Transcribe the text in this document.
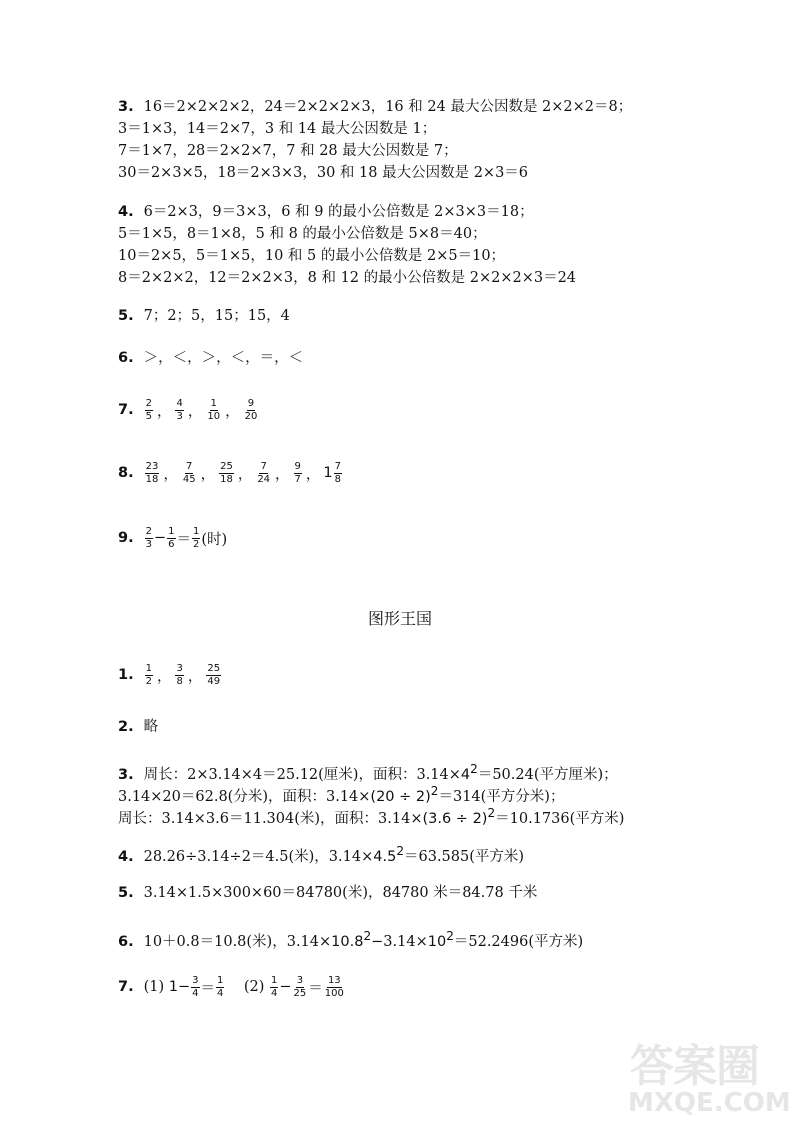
3. 16＝2×2×2×2，24＝2×2×2×3，16 和 24 最大公因数是 2×2×2＝8；
3＝1×3，14＝2×7，3 和 14 最大公因数是 1；
7＝1×7，28＝2×2×7，7 和 28 最大公因数是 7；
30＝2×3×5，18＝2×3×3，30 和 18 最大公因数是 2×3＝6
4. 6＝2×3，9＝3×3，6 和 9 的最小公倍数是 2×3×3＝18；
5＝1×5，8＝1×8，5 和 8 的最小公倍数是 5×8＝40；
10＝2×5，5＝1×5，10 和 5 的最小公倍数是 2×5＝10；
8＝2×2×2，12＝2×2×3，8 和 12 的最小公倍数是 2×2×2×3＝24
5. 7；2；5，15；15，4
6. ＞，＜，＞，＜，＝，＜
7. $\frac{2}{5}$ ， $\frac{4}{3}$ ， $\frac{1}{10}$ ， $\frac{9}{20}$
8. $\frac{23}{18}$ ， $\frac{7}{45}$ ， $\frac{25}{18}$ ， $\frac{7}{24}$ ， $\frac{9}{7}$ ， $1 \frac{7}{8}$
9. $\frac{2}{3} - \frac{1}{6} = \frac{1}{2}$ (时)
图形王国
1. $\frac{1}{2}$ ， $\frac{3}{8}$ ， $\frac{25}{49}$
2. 略
3. 周长：2×3.14×4＝25.12(厘米)，面积：$3.14\times 4^2=50.24$(平方厘米)；
3.14×20＝62.8(分米)，面积：$3.14\times(20 \div 2)^2=314$(平方分米)；
周长：3.14×3.6＝11.304(米)，面积：$3.14\times(3.6 \div 2)^2=10.1736$(平方米)
4. 28.26÷3.14÷2＝4.5(米)，$3.14\times 4.5^2=63.585$(平方米)
5. 3.14×1.5×300×60＝84780(米)，84780 米＝84.78 千米
6. 10＋0.8＝10.8(米)，$3.14\times 10.8^2-3.14\times 10^2=52.2496$(平方米)
7. (1)
$1 - \frac{3}{4} = \frac{1}{4}$
(2)
$\frac{1}{4} - \frac{3}{25} = \frac{13}{100}$
答案圈
MXQE.COM
